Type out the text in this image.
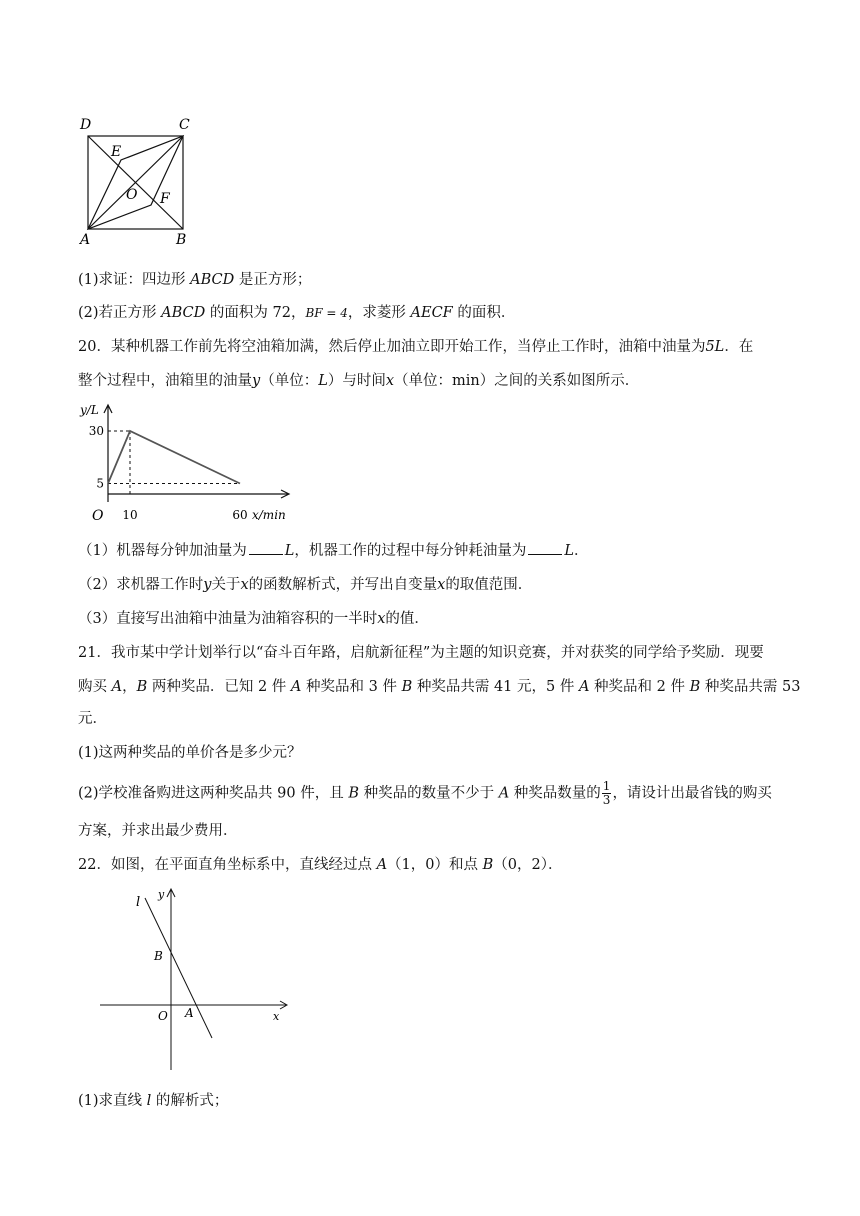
D	C
E
O F
A	B
(1)求证：四边形 ABCD 是正方形；
(2)若正方形 ABCD 的面积为 72，BF = 4，求菱形 AECF 的面积．
20．某种机器工作前先将空油箱加满，然后停止加油立即开始工作，当停止工作时，油箱中油量为5L．在
整个过程中，油箱里的油量y（单位：L）与时间x（单位：min）之间的关系如图所示．
y/L
x/min
O
5
30
10	60
（1）机器每分钟加油量为	L，机器工作的过程中每分钟耗油量为	L．
（2）求机器工作时y关于x的函数解析式，并写出自变量x的取值范围．
（3）直接写出油箱中油量为油箱容积的一半时x的值．
21．我市某中学计划举行以“奋斗百年路，启航新征程”为主题的知识竞赛，并对获奖的同学给予奖励．现要
购买 A，B 两种奖品．已知 2 件 A 种奖品和 3 件 B 种奖品共需 41 元，5 件 A 种奖品和 2 件 B 种奖品共需 53
元．
(1)这两种奖品的单价各是多少元？
(2)学校准备购进这两种奖品共 90 件，且 B 种奖品的数量不少于 A 种奖品数量的 $\frac{1}{3}$ ，请设计出最省钱的购买
方案，并求出最少费用．
22．如图，在平面直角坐标系中，直线经过点 A（1，0）和点 B（0，2）．
l
y
B
O A	x
(1)求直线 l 的解析式；
